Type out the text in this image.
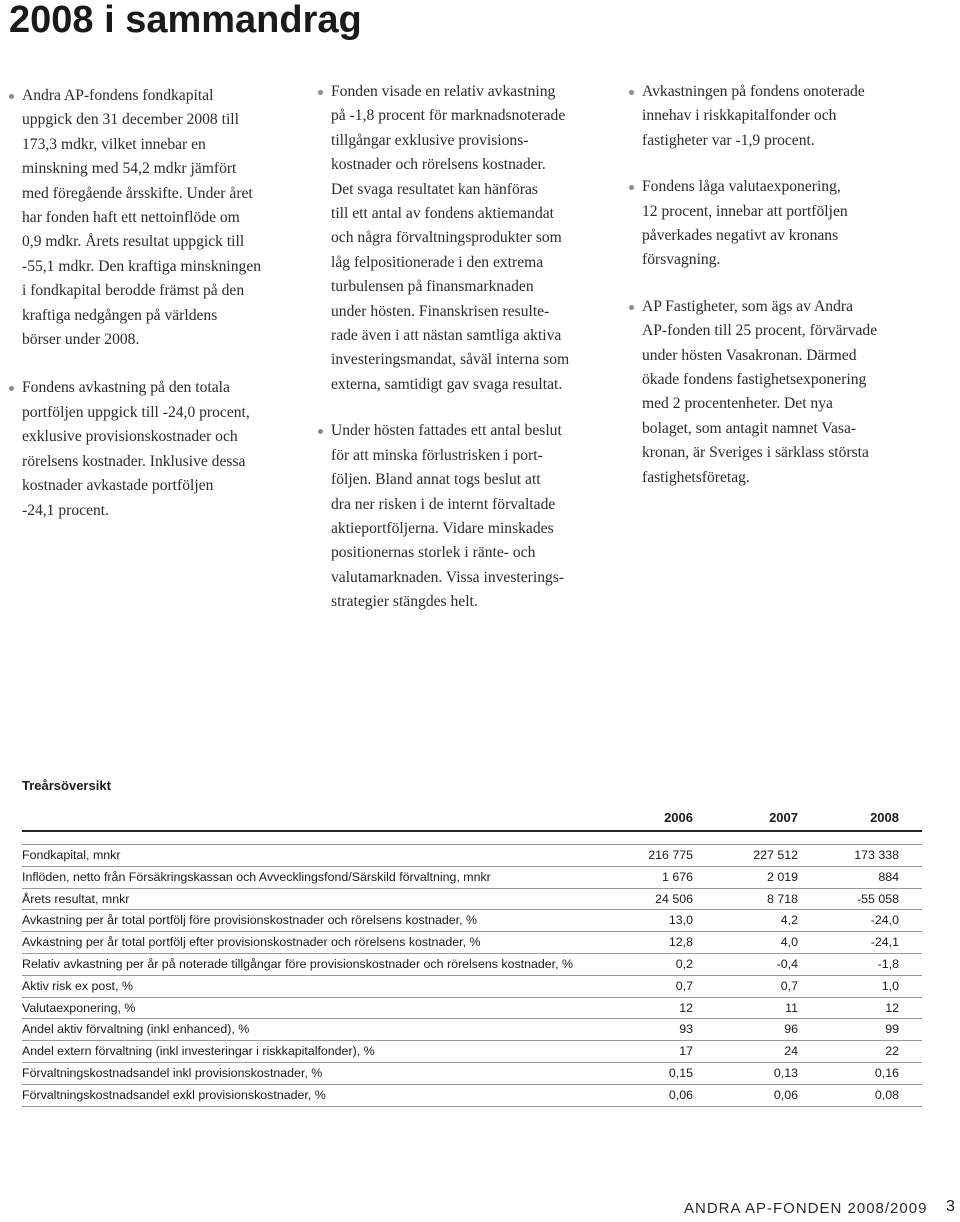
2008 i sammandrag

Andra AP-fondens fondkapital
uppgick den 31 december 2008 till
173,3 mdkr, vilket innebar en
minskning med 54,2 mdkr jämfört
med föregående årsskifte. Under året
har fonden haft ett nettoinflöde om
0,9 mdkr. Årets resultat uppgick till
-55,1 mdkr. Den kraftiga minskningen
i fondkapital berodde främst på den
kraftiga nedgången på världens
börser under 2008.

Fondens avkastning på den totala
portföljen uppgick till -24,0 procent,
exklusive provisionskostnader och
rörelsens kostnader. Inklusive dessa
kostnader avkastade portföljen
-24,1 procent.

Fonden visade en relativ avkastning
på -1,8 procent för marknadsnoterade
tillgångar exklusive provisions-
kostnader och rörelsens kostnader.
Det svaga resultatet kan hänföras
till ett antal av fondens aktiemandat
och några förvaltningsprodukter som
låg felpositionerade i den extrema
turbulensen på finansmarknaden
under hösten. Finanskrisen resulte-
rade även i att nästan samtliga aktiva
investeringsmandat, såväl interna som
externa, samtidigt gav svaga resultat.

Under hösten fattades ett antal beslut
för att minska förlustrisken i port-
följen. Bland annat togs beslut att
dra ner risken i de internt förvaltade
aktieportföljerna. Vidare minskades
positionernas storlek i ränte- och
valutamarknaden. Vissa investerings-
strategier stängdes helt.

Avkastningen på fondens onoterade
innehav i riskkapitalfonder och
fastigheter var -1,9 procent.

Fondens låga valutaexponering,
12 procent, innebar att portföljen
påverkades negativt av kronans
försvagning.

AP Fastigheter, som ägs av Andra
AP-fonden till 25 procent, förvärvade
under hösten Vasakronan. Därmed
ökade fondens fastighetsexponering
med 2 procentenheter. Det nya
bolaget, som antagit namnet Vasa-
kronan, är Sveriges i särklass största
fastighetsföretag.

Treårsöversikt
2006	2007	2008
Fondkapital, mnkr	216 775	227 512	173 338
Inflöden, netto från Försäkringskassan och Avvecklingsfond/Särskild förvaltning, mnkr	1 676	2 019	884
Årets resultat, mnkr	24 506	8 718	-55 058
Avkastning per år total portfölj före provisionskostnader och rörelsens kostnader, %	13,0	4,2	-24,0
Avkastning per år total portfölj efter provisionskostnader och rörelsens kostnader, %	12,8	4,0	-24,1
Relativ avkastning per år på noterade tillgångar före provisionskostnader och rörelsens kostnader, %	0,2	-0,4	-1,8
Aktiv risk ex post, %	0,7	0,7	1,0
Valutaexponering, %	12	11	12
Andel aktiv förvaltning (inkl enhanced), %	93	96	99
Andel extern förvaltning (inkl investeringar i riskkapitalfonder), %	17	24	22
Förvaltningskostnadsandel inkl provisionskostnader, %	0,15	0,13	0,16
Förvaltningskostnadsandel exkl provisionskostnader, %	0,06	0,06	0,08
ANDRA AP-FONDEN 2008/2009 3
